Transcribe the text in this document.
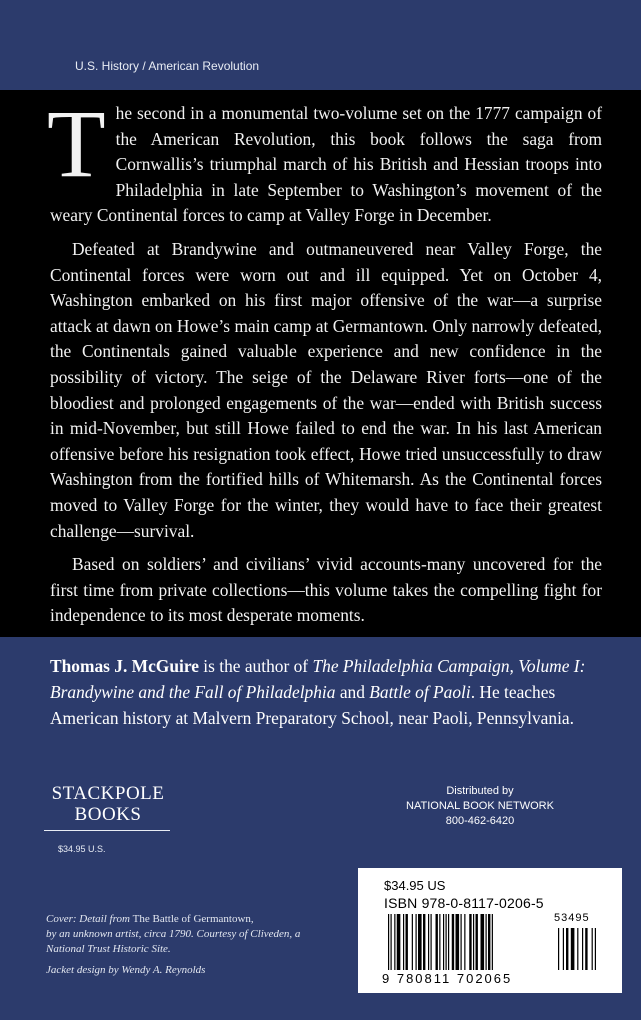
U.S. History / American Revolution

The second in a monumental two-volume set on the 1777 campaign of the American Revolution, this book follows the saga from Cornwallis’s triumphal march of his British and Hessian troops into Philadelphia in late September to Washington’s movement of the weary Continental forces to camp at Valley Forge in December.

Defeated at Brandywine and outmaneuvered near Valley Forge, the Continental forces were worn out and ill equipped. Yet on October 4, Washington embarked on his first major offensive of the war—a surprise attack at dawn on Howe’s main camp at Germantown. Only narrowly defeated, the Continentals gained valuable experience and new confidence in the possibility of victory. The seige of the Delaware River forts—one of the bloodiest and prolonged engagements of the war—ended with British success in mid-November, but still Howe failed to end the war. In his last American offensive before his resignation took effect, Howe tried unsuccessfully to draw Washington from the fortified hills of Whitemarsh. As the Continental forces moved to Valley Forge for the winter, they would have to face their greatest challenge—survival.

Based on soldiers’ and civilians’ vivid accounts-many uncovered for the first time from private collections—this volume takes the compelling fight for independence to its most desperate moments.

Thomas J. McGuire is the author of The Philadelphia Campaign, Volume I: Brandywine and the Fall of Philadelphia and Battle of Paoli. He teaches American history at Malvern Preparatory School, near Paoli, Pennsylvania.
STACKPOLE
BOOKS
$34.95 U.S.
Distributed by
NATIONAL BOOK NETWORK
800-462-6420
Cover: Detail from The Battle of Germantown,
by an unknown artist, circa 1790. Courtesy of Cliveden, a National Trust Historic Site.
Jacket design by Wendy A. Reynolds
$34.95 US
ISBN 978-0-8117-0206-5
53495
9 780811 702065
